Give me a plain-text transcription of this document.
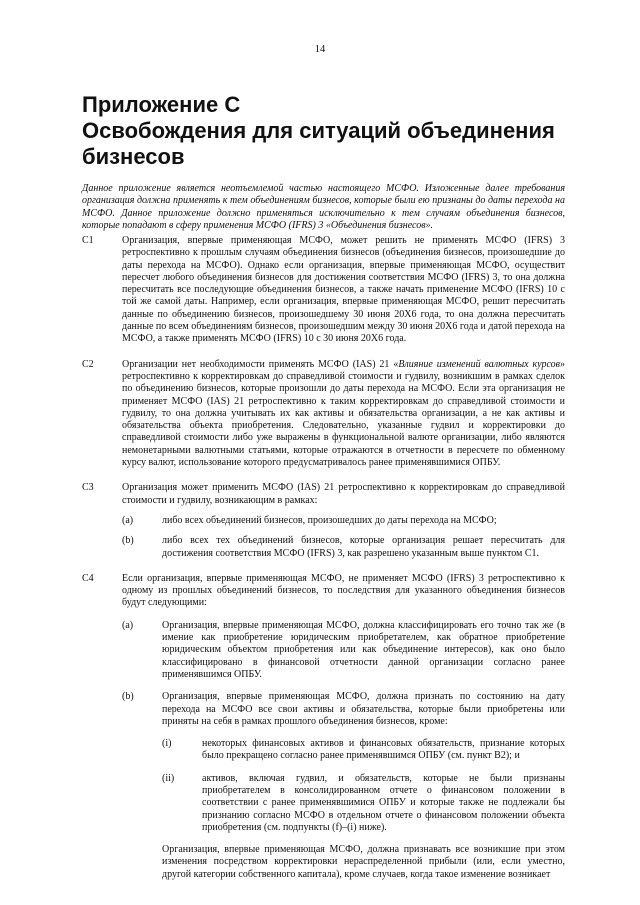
14
Приложение С
Освобождения для ситуаций объединения
бизнесов

Данное приложение является неотъемлемой частью настоящего МСФО. Изложенные далее требования организация должна применять к тем объединениям бизнесов, которые были ею признаны до даты перехода на МСФО. Данное приложение должно применяться исключительно к тем случаям объединения бизнесов, которые попадают в сферу применения МСФО (IFRS) 3 «Объединения бизнесов».

C1	Организация, впервые применяющая МСФО, может решить не применять МСФО (IFRS) 3 ретроспективно к прошлым случаям объединения бизнесов (объединения бизнесов, произошедшие до даты перехода на МСФО). Однако если организация, впервые применяющая МСФО, осуществит пересчет любого объединения бизнесов для достижения соответствия МСФО (IFRS) 3, то она должна пересчитать все последующие объединения бизнесов, а также начать применение МСФО (IFRS) 10 с той же самой даты. Например, если организация, впервые применяющая МСФО, решит пересчитать данные по объединению бизнесов, произошедшему 30 июня 20X6 года, то она должна пересчитать данные по всем объединениям бизнесов, произошедшим между 30 июня 20X6 года и датой перехода на МСФО, а также применять МСФО (IFRS) 10 с 30 июня 20X6 года.
C2	Организации нет необходимости применять МСФО (IAS) 21 «Влияние изменений валютных курсов» ретроспективно к корректировкам до справедливой стоимости и гудвилу, возникшим в рамках сделок по объединению бизнесов, которые произошли до даты перехода на МСФО. Если эта организация не применяет МСФО (IAS) 21 ретроспективно к таким корректировкам до справедливой стоимости и гудвилу, то она должна учитывать их как активы и обязательства организации, а не как активы и обязательства объекта приобретения. Следовательно, указанные гудвил и корректировки до справедливой стоимости либо уже выражены в функциональной валюте организации, либо являются немонетарными валютными статьями, которые отражаются в отчетности в пересчете по обменному курсу валют, использование которого предусматривалось ранее применявшимися ОПБУ.
C3	Организация может применить МСФО (IAS) 21 ретроспективно к корректировкам до справедливой стоимости и гудвилу, возникающим в рамках:
(a)	либо всех объединений бизнесов, произошедших до даты перехода на МСФО;
(b)	либо всех тех объединений бизнесов, которые организация решает пересчитать для достижения соответствия МСФО (IFRS) 3, как разрешено указанным выше пунктом C1.
C4	Если организация, впервые применяющая МСФО, не применяет МСФО (IFRS) 3 ретроспективно к одному из прошлых объединений бизнесов, то последствия для указанного объединения бизнесов будут следующими:
(a)	Организация, впервые применяющая МСФО, должна классифицировать его точно так же (в имение как приобретение юридическим приобретателем, как обратное приобретение юридическим объектом приобретения или как объединение интересов), как оно было классифицировано в финансовой отчетности данной организации согласно ранее применявшимся ОПБУ.
(b)	Организация, впервые применяющая МСФО, должна признать по состоянию на дату перехода на МСФО все свои активы и обязательства, которые были приобретены или приняты на себя в рамках прошлого объединения бизнесов, кроме:
(i)	некоторых финансовых активов и финансовых обязательств, признание которых было прекращено согласно ранее применявшимся ОПБУ (см. пункт B2); и
(ii)	активов, включая гудвил, и обязательств, которые не были признаны приобретателем в консолидированном отчете о финансовом положении в соответствии с ранее применявшимися ОПБУ и которые также не подлежали бы признанию согласно МСФО в отдельном отчете о финансовом положении объекта приобретения (см. подпункты (f)–(i) ниже).
Организация, впервые применяющая МСФО, должна признавать все возникшие при этом изменения посредством корректировки нераспределенной прибыли (или, если уместно, другой категории собственного капитала), кроме случаев, когда такое изменение возникает
